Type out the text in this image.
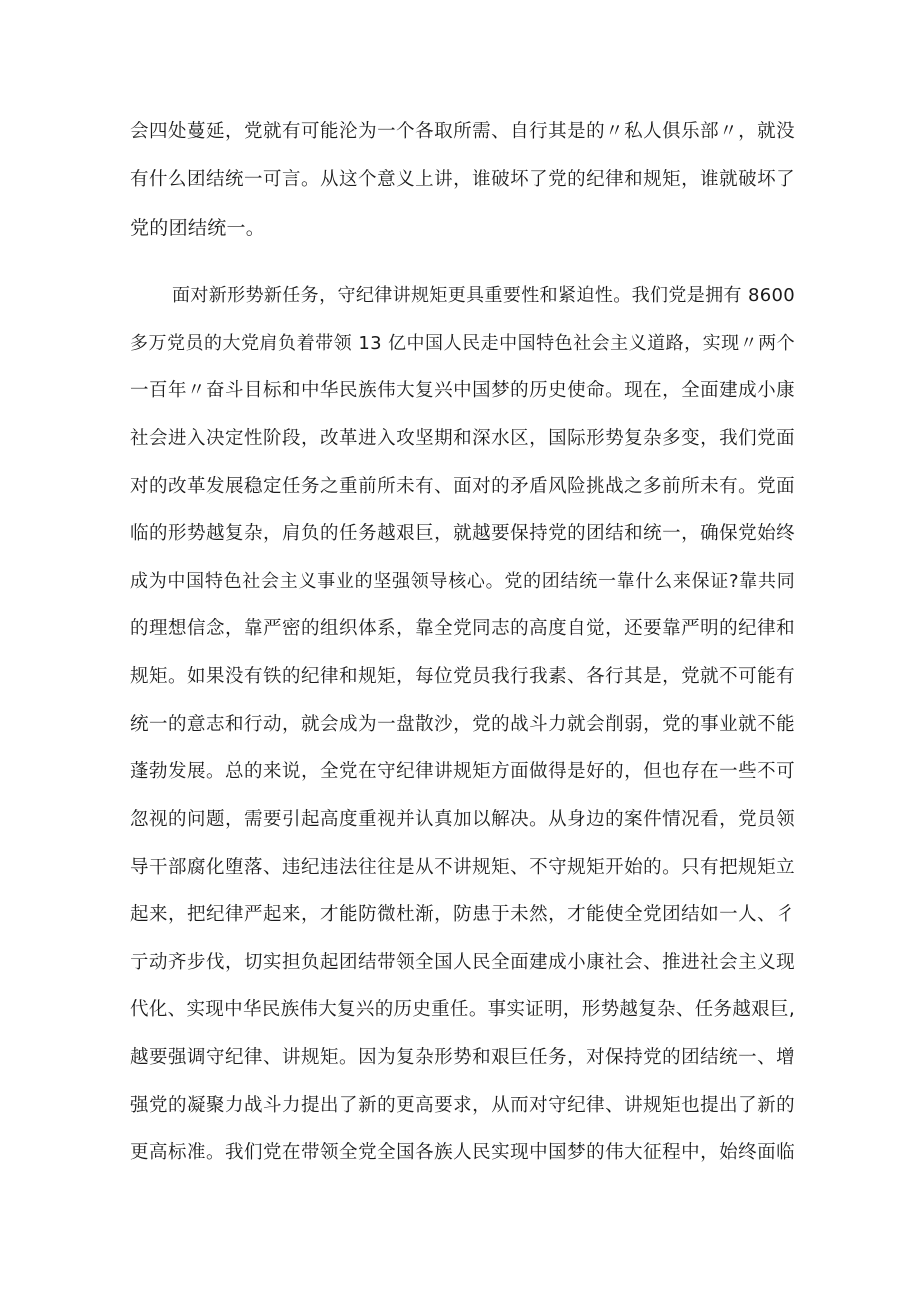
会四处蔓延，党就有可能沦为一个各取所需、自行其是的〃私人俱乐部〃，就没
有什么团结统一可言。从这个意义上讲，谁破坏了党的纪律和规矩，谁就破坏了
党的团结统一。
面对新形势新任务，守纪律讲规矩更具重要性和紧迫性。我们党是拥有 8600
多万党员的大党肩负着带领 13 亿中国人民走中国特色社会主义道路，实现〃两个
一百年〃奋斗目标和中华民族伟大复兴中国梦的历史使命。现在，全面建成小康
社会进入决定性阶段，改革进入攻坚期和深水区，国际形势复杂多变，我们党面
对的改革发展稳定任务之重前所未有、面对的矛盾风险挑战之多前所未有。党面
临的形势越复杂，肩负的任务越艰巨，就越要保持党的团结和统一，确保党始终
成为中国特色社会主义事业的坚强领导核心。党的团结统一靠什么来保证?靠共同
的理想信念，靠严密的组织体系，靠全党同志的高度自觉，还要靠严明的纪律和
规矩。如果没有铁的纪律和规矩，每位党员我行我素、各行其是，党就不可能有
统一的意志和行动，就会成为一盘散沙，党的战斗力就会削弱，党的事业就不能
蓬勃发展。总的来说，全党在守纪律讲规矩方面做得是好的，但也存在一些不可
忽视的问题，需要引起高度重视并认真加以解决。从身边的案件情况看，党员领
导干部腐化堕落、违纪违法往往是从不讲规矩、不守规矩开始的。只有把规矩立
起来，把纪律严起来，才能防微杜渐，防患于未然，才能使全党团结如一人、彳
亍动齐步伐，切实担负起团结带领全国人民全面建成小康社会、推进社会主义现
代化、实现中华民族伟大复兴的历史重任。事实证明，形势越复杂、任务越艰巨,
越要强调守纪律、讲规矩。因为复杂形势和艰巨任务，对保持党的团结统一、增
强党的凝聚力战斗力提出了新的更高要求，从而对守纪律、讲规矩也提出了新的
更高标准。我们党在带领全党全国各族人民实现中国梦的伟大征程中，始终面临
